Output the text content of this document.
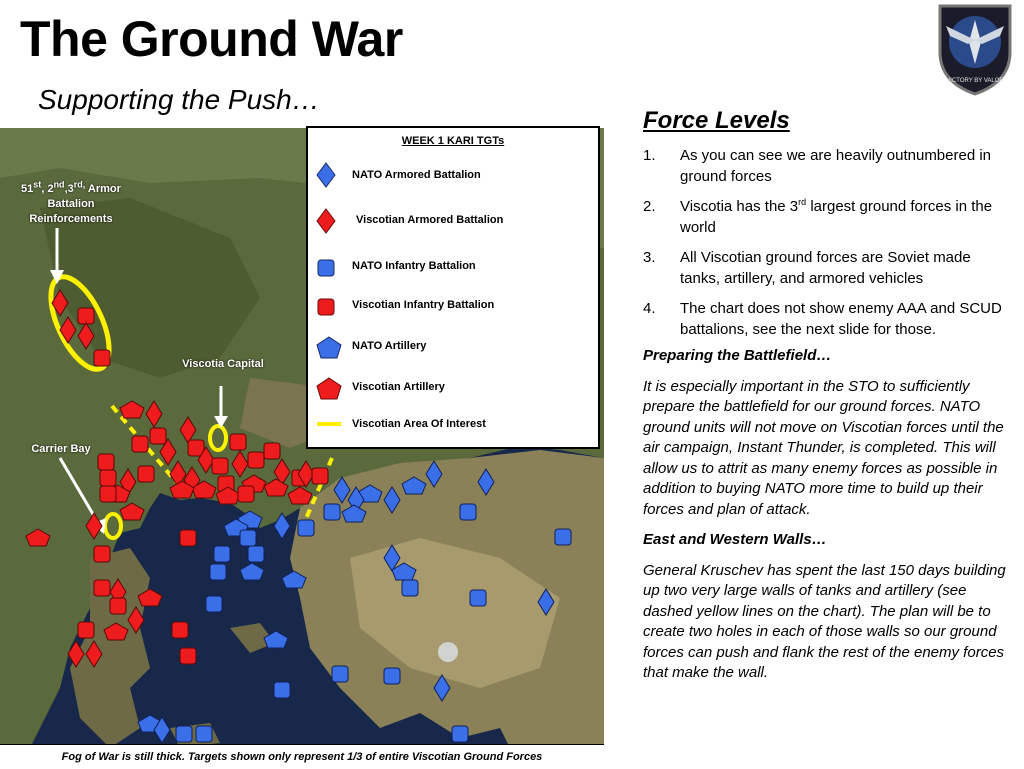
The Ground War
Supporting the Push…
VICTORY BY VALOR
51st, $2nd,3^{rd,}$ Armor Battalion Reinforcements
Viscotia Capital
Carrier Bay
WEEK 1 KARI TGTs
NATO Armored Battalion
Viscotian Armored Battalion
NATO Infantry Battalion
Viscotian Infantry Battalion
NATO Artillery
Viscotian Artillery
Viscotian Area Of Interest
Fog of War is still thick. Targets shown only represent 1/3 of entire Viscotian Ground Forces
Force Levels
1. As you can see we are heavily outnumbered in ground forces
2. Viscotia has the 3rd largest ground forces in the world
3. All Viscotian ground forces are Soviet made tanks, artillery, and armored vehicles
4. The chart does not show enemy AAA and SCUD battalions, see the next slide for those.

Preparing the Battlefield…

It is especially important in the STO to sufficiently prepare the battlefield for our ground forces. NATO ground units will not move on Viscotian forces until the air campaign, Instant Thunder, is completed. This will allow us to attrit as many enemy forces as possible in addition to buying NATO more time to build up their forces and plan of attack.

East and Western Walls…

General Kruschev has spent the last 150 days building up two very large walls of tanks and artillery (see dashed yellow lines on the chart). The plan will be to create two holes in each of those walls so our ground forces can push and flank the rest of the enemy forces that make the wall.
